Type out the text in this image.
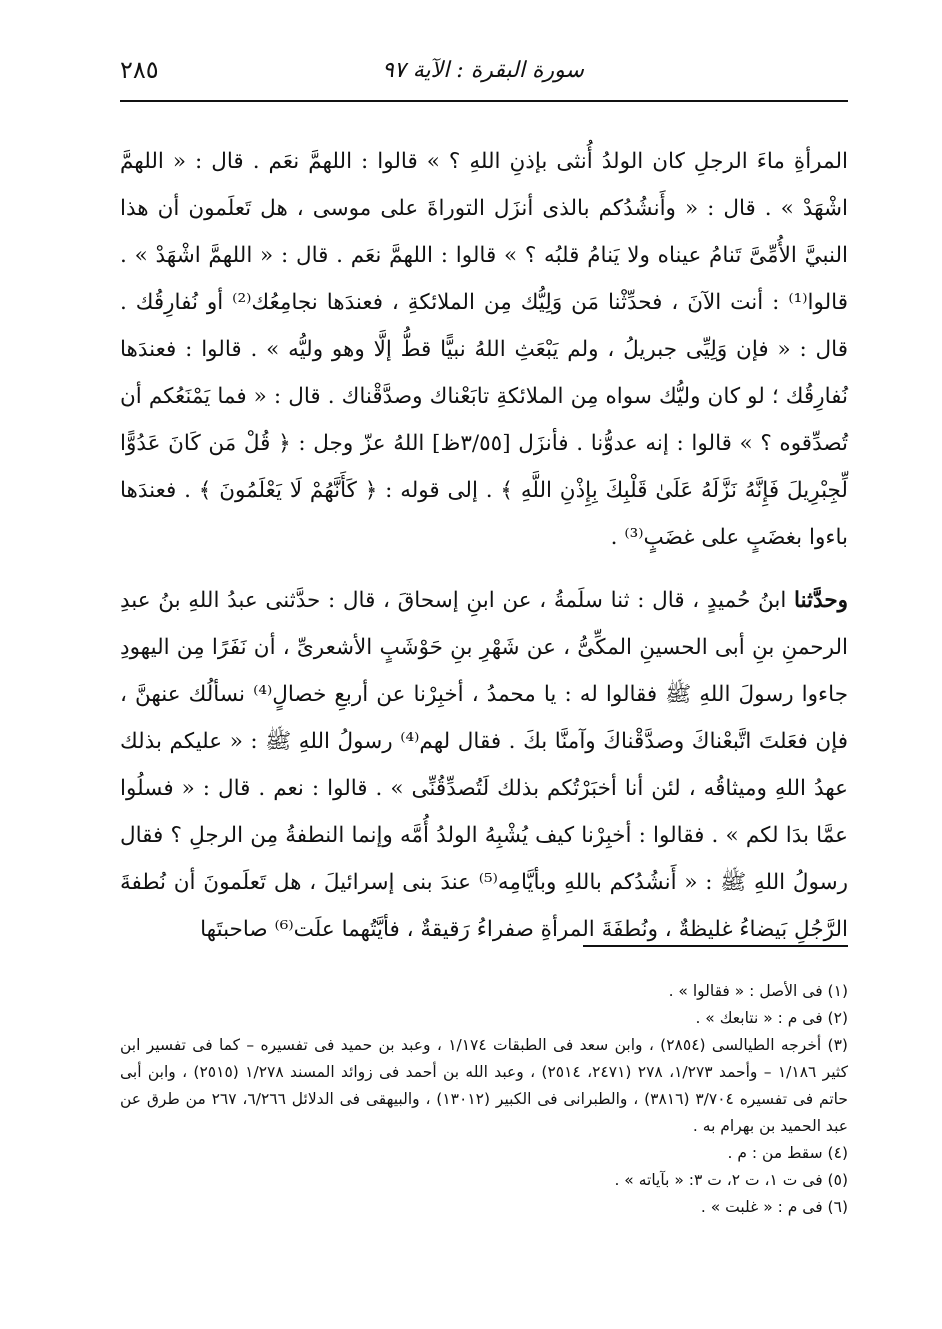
٢٨٥	سورة البقرة : الآية ٩٧

المرأةِ ماءَ الرجلِ كان الولدُ أُنثى بإذنِ اللهِ ؟ » قالوا : اللهمَّ نعَم . قال : « اللهمَّ اشْهَدْ » . قال : « وأَنشُدُكم بالذى أنزَل التوراةَ على موسى ، هل تَعلَمون أن هذا النبيَّ الأُمِّىَّ تَنامُ عيناه ولا يَنامُ قلبُه ؟ » قالوا : اللهمَّ نعَم . قال : « اللهمَّ اشْهَدْ » . قالوا⁽¹⁾ : أنت الآنَ ، فحدِّثْنا مَن وَلِيُّك مِن الملائكةِ ، فعندَها نجامِعُك⁽²⁾ أو نُفارِقُك . قال : « فإن وَلِيِّى جبريلُ ، ولم يَبْعَثِ اللهُ نبيًّا قطُّ إلَّا وهو وليُّه » . قالوا : فعندَها نُفارِقُك ؛ لو كان وليُّك سواه مِن الملائكةِ تابَعْناك وصدَّقْناك . قال : « فما يَمْنَعُكم أن تُصدِّقوه ؟ » قالوا : إنه عدوُّنا . فأنزَل [٣/٥٥ظ] اللهُ عزّ وجل : ﴿ قُلْ مَن كَانَ عَدُوًّا لِّجِبْرِيلَ فَإِنَّهُ نَزَّلَهُ عَلَىٰ قَلْبِكَ بِإِذْنِ اللَّهِ ﴾ . إلى قوله : ﴿ كَأَنَّهُمْ لَا يَعْلَمُونَ ﴾ . فعندَها باءوا بغضَبٍ على غضَبٍ⁽³⁾ .

وحدَّثنا ابنُ حُميدٍ ، قال : ثنا سلَمةُ ، عن ابنِ إسحاقَ ، قال : حدَّثنى عبدُ اللهِ بنُ عبدِ الرحمنِ بنِ أبى الحسينِ المكِّىُّ ، عن شَهْرِ بنِ حَوْشَبٍ الأشعرىِّ ، أن نَفَرًا مِن اليهودِ جاءوا رسولَ اللهِ ﷺ فقالوا له : يا محمدُ ، أخبِرْنا عن أربعِ خصالٍ⁽⁴⁾ نسألُك عنهنَّ ، فإن فعَلتَ اتَّبعْناكَ وصدَّقْناكَ وآمنَّا بكَ . فقال لهم⁽⁴⁾ رسولُ اللهِ ﷺ : « عليكم بذلك عهدُ اللهِ وميثاقُه ، لئن أنا أخبَرْتُكم بذلك لَتُصدِّقُنِّى » . قالوا : نعم . قال : « فسلُوا عمَّا بدَا لكم » . فقالوا : أخبِرْنا كيف يُشْبِهُ الولدُ أُمَّه وإنما النطفةُ مِن الرجلِ ؟ فقال رسولُ اللهِ ﷺ : « أَنشُدُكم باللهِ وبأيَّامِه⁽⁵⁾ عندَ بنى إسرائيلَ ، هل تَعلَمونَ أن نُطفةَ الرَّجُلِ بَيضاءُ غليظةٌ ، ونُطفَةَ المرأةِ صفراءُ رَقيقةٌ ، فأيَّتُهما علَت⁽⁶⁾ صاحبتَها

(١) فى الأصل : « فقالوا » .

(٢) فى م : « نتابعك » .

(٣) أخرجه الطيالسى (٢٨٥٤) ، وابن سعد فى الطبقات ١/١٧٤ ، وعبد بن حميد فى تفسيره – كما فى تفسير ابن كثير ١/١٨٦ – وأحمد ١/٢٧٣، ٢٧٨ (٢٤٧١، ٢٥١٤) ، وعبد الله بن أحمد فى زوائد المسند ١/٢٧٨ (٢٥١٥) ، وابن أبى حاتم فى تفسيره ٣/٧٠٤ (٣٨١٦) ، والطبرانى فى الكبير (١٣٠١٢) ، والبيهقى فى الدلائل ٦/٢٦٦، ٢٦٧ من طرق عن عبد الحميد بن بهرام به .

(٤) سقط من : م .

(٥) فى ت ١، ت ٢، ت ٣: « بآياته » .

(٦) فى م : « غلبت » .
